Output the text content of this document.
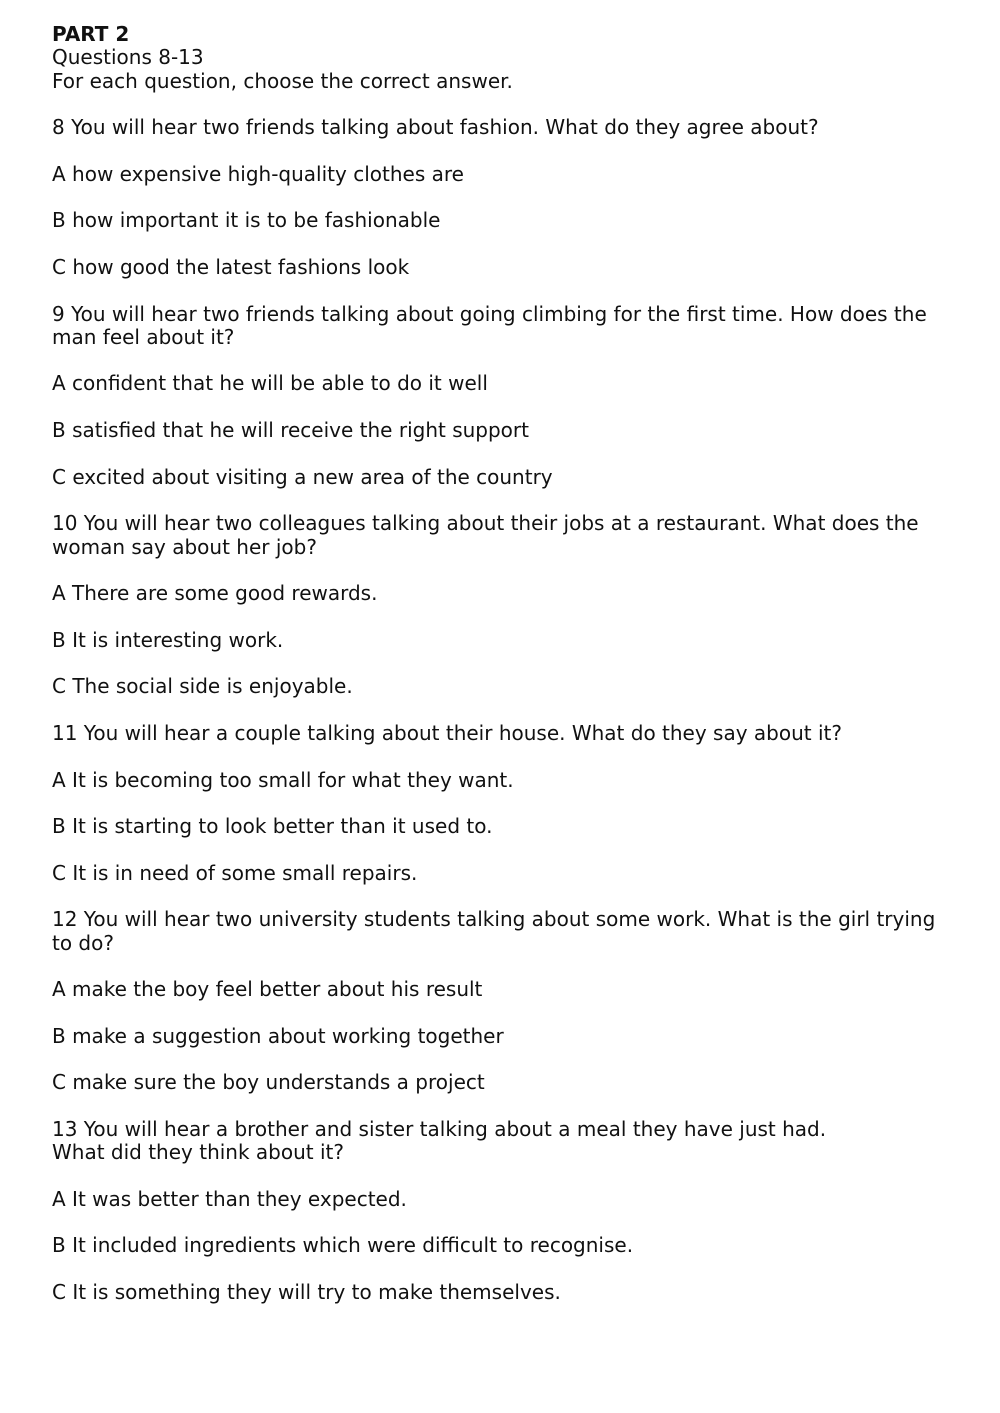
PART 2

Questions 8-13

For each question, choose the correct answer.

8 You will hear two friends talking about fashion. What do they agree about?

A how expensive high-quality clothes are

B how important it is to be fashionable

C how good the latest fashions look

9 You will hear two friends talking about going climbing for the first time. How does the
man feel about it?

A confident that he will be able to do it well

B satisfied that he will receive the right support

C excited about visiting a new area of the country

10 You will hear two colleagues talking about their jobs at a restaurant. What does the
woman say about her job?

A There are some good rewards.

B It is interesting work.

C The social side is enjoyable.

11 You will hear a couple talking about their house. What do they say about it?

A It is becoming too small for what they want.

B It is starting to look better than it used to.

C It is in need of some small repairs.

12 You will hear two university students talking about some work. What is the girl trying
to do?

A make the boy feel better about his result

B make a suggestion about working together

C make sure the boy understands a project

13 You will hear a brother and sister talking about a meal they have just had.
What did they think about it?

A It was better than they expected.

B It included ingredients which were difficult to recognise.

C It is something they will try to make themselves.
